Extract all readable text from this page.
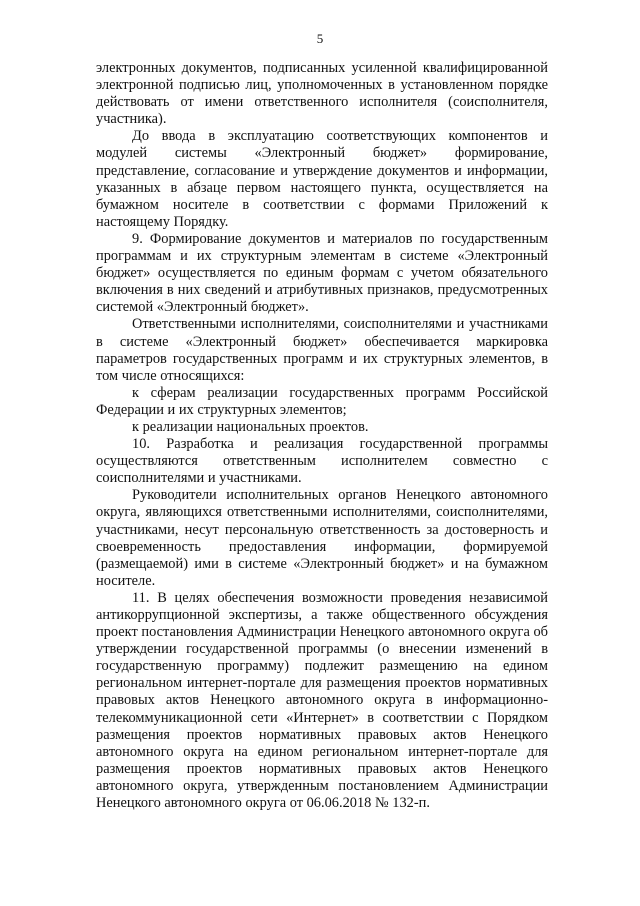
5

электронных документов, подписанных усиленной квалифицированной электронной подписью лиц, уполномоченных в установленном порядке действовать от имени ответственного исполнителя (соисполнителя, участника).

До ввода в эксплуатацию соответствующих компонентов и модулей системы «Электронный бюджет» формирование, представление, согласование и утверждение документов и информации, указанных в абзаце первом настоящего пункта, осуществляется на бумажном носителе в соответствии с формами Приложений к настоящему Порядку.

9. Формирование документов и материалов по государственным программам и их структурным элементам в системе «Электронный бюджет» осуществляется по единым формам с учетом обязательного включения в них сведений и атрибутивных признаков, предусмотренных системой «Электронный бюджет».

Ответственными исполнителями, соисполнителями и участниками в системе «Электронный бюджет» обеспечивается маркировка параметров государственных программ и их структурных элементов, в том числе относящихся:

к сферам реализации государственных программ Российской Федерации и их структурных элементов;

к реализации национальных проектов.

10. Разработка и реализация государственной программы осуществляются ответственным исполнителем совместно с соисполнителями и участниками.

Руководители исполнительных органов Ненецкого автономного округа, являющихся ответственными исполнителями, соисполнителями, участниками, несут персональную ответственность за достоверность и своевременность предоставления информации, формируемой (размещаемой) ими в системе «Электронный бюджет» и на бумажном носителе.

11. В целях обеспечения возможности проведения независимой антикоррупционной экспертизы, а также общественного обсуждения проект постановления Администрации Ненецкого автономного округа об утверждении государственной программы (о внесении изменений в государственную программу) подлежит размещению на едином региональном интернет-портале для размещения проектов нормативных правовых актов Ненецкого автономного округа в информационно-телекоммуникационной сети «Интернет» в соответствии с Порядком размещения проектов нормативных правовых актов Ненецкого автономного округа на едином региональном интернет-портале для размещения проектов нормативных правовых актов Ненецкого автономного округа, утвержденным постановлением Администрации Ненецкого автономного округа от 06.06.2018 № 132-п.
